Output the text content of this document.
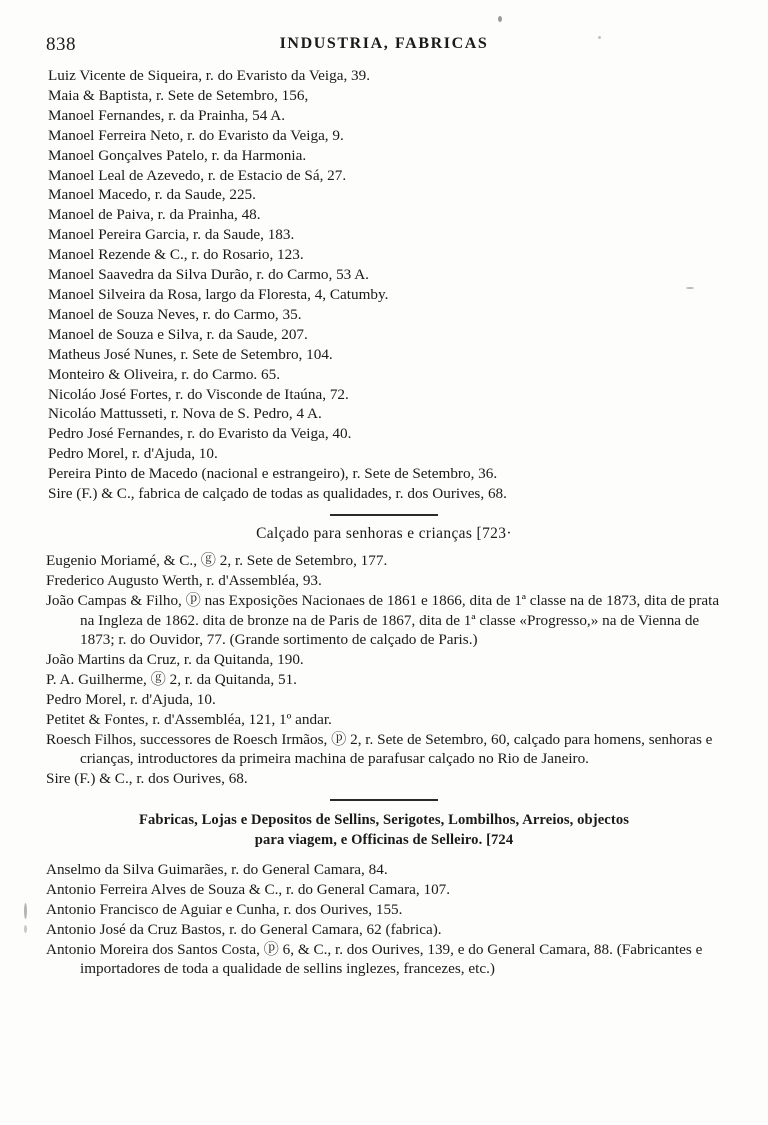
838	INDUSTRIA, FABRICAS
Luiz Vicente de Siqueira, r. do Evaristo da Veiga, 39.
Maia & Baptista, r. Sete de Setembro, 156,
Manoel Fernandes, r. da Prainha, 54 A.
Manoel Ferreira Neto, r. do Evaristo da Veiga, 9.
Manoel Gonçalves Patelo, r. da Harmonia.
Manoel Leal de Azevedo, r. de Estacio de Sá, 27.
Manoel Macedo, r. da Saude, 225.
Manoel de Paiva, r. da Prainha, 48.
Manoel Pereira Garcia, r. da Saude, 183.
Manoel Rezende & C., r. do Rosario, 123.
Manoel Saavedra da Silva Durão, r. do Carmo, 53 A.
Manoel Silveira da Rosa, largo da Floresta, 4, Catumby.
Manoel de Souza Neves, r. do Carmo, 35.
Manoel de Souza e Silva, r. da Saude, 207.
Matheus José Nunes, r. Sete de Setembro, 104.
Monteiro & Oliveira, r. do Carmo. 65.
Nicoláo José Fortes, r. do Visconde de Itaúna, 72.
Nicoláo Mattusseti, r. Nova de S. Pedro, 4 A.
Pedro José Fernandes, r. do Evaristo da Veiga, 40.
Pedro Morel, r. d'Ajuda, 10.
Pereira Pinto de Macedo (nacional e estrangeiro), r. Sete de Setembro, 36.
Sire (F.) & C., fabrica de calçado de todas as qualidades, r. dos Ourives, 68.
Calçado para senhoras e crianças [723·
Eugenio Moriamé, & C., ⓖ 2, r. Sete de Setembro, 177.
Frederico Augusto Werth, r. d'Assembléa, 93.
João Campas & Filho, ⓟ nas Exposições Nacionaes de 1861 e 1866, dita de 1ª classe na de 1873, dita de prata na Ingleza de 1862. dita de bronze na de Paris de 1867, dita de 1ª classe «Progresso,» na de Vienna de 1873; r. do Ouvidor, 77. (Grande sortimento de calçado de Paris.)
João Martins da Cruz, r. da Quitanda, 190.
P. A. Guilherme, ⓖ 2, r. da Quitanda, 51.
Pedro Morel, r. d'Ajuda, 10.
Petitet & Fontes, r. d'Assembléa, 121, 1º andar.
Roesch Filhos, successores de Roesch Irmãos, ⓟ 2, r. Sete de Setembro, 60, calçado para homens, senhoras e crianças, introductores da primeira machina de parafusar calçado no Rio de Janeiro.
Sire (F.) & C., r. dos Ourives, 68.
Fabricas, Lojas e Depositos de Sellins, Serigotes, Lombilhos, Arreios, objectos
para viagem, e Officinas de Selleiro. [724
Anselmo da Silva Guimarães, r. do General Camara, 84.
Antonio Ferreira Alves de Souza & C., r. do General Camara, 107.
Antonio Francisco de Aguiar e Cunha, r. dos Ourives, 155.
Antonio José da Cruz Bastos, r. do General Camara, 62 (fabrica).
Antonio Moreira dos Santos Costa, ⓟ 6, & C., r. dos Ourives, 139, e do General Camara, 88. (Fabricantes e importadores de toda a qualidade de sellins inglezes, francezes, etc.)
